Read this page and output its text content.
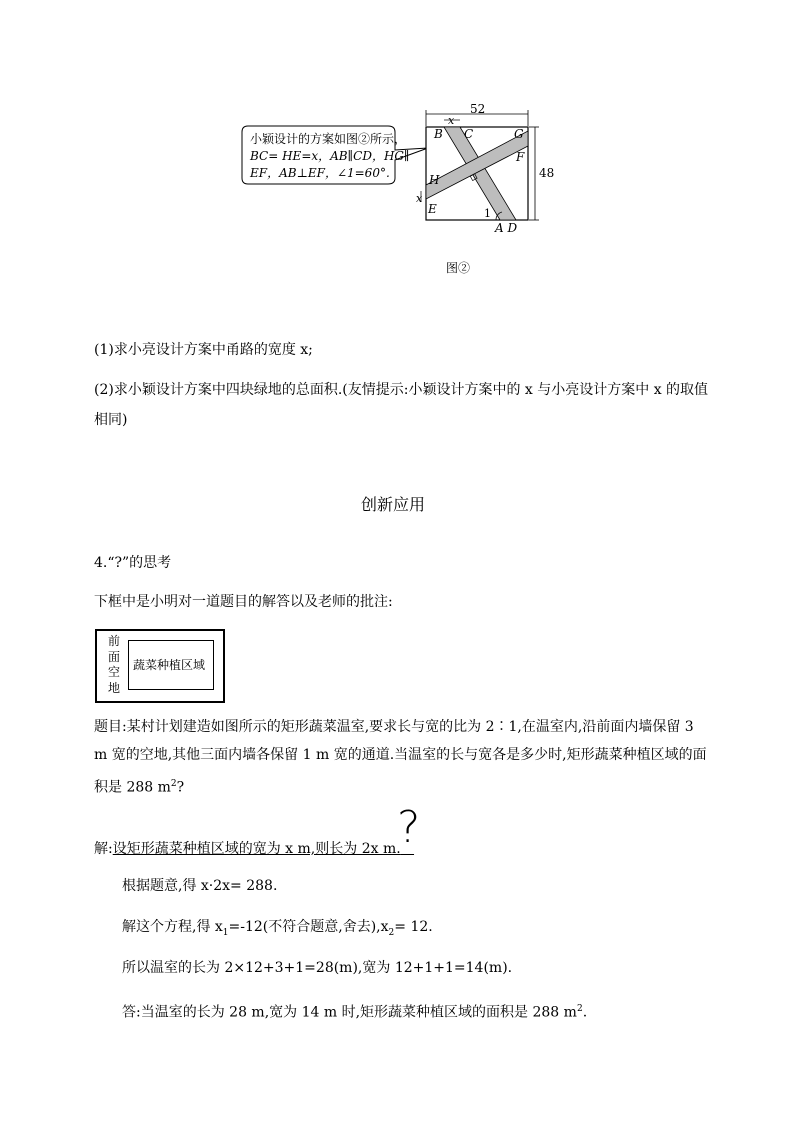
小颖设计的方案如图②所示，
BC= HE=x，AB∥CD，HG∥
EF，AB⊥EF，∠1=60°.
52
48
x
x
B C	G
F
H
E	1
A D
图②
(1)求小亮设计方案中甬路的宽度 x;
(2)求小颖设计方案中四块绿地的总面积.(友情提示:小颖设计方案中的 x 与小亮设计方案中 x 的取值
相同)
创新应用
4.“?”的思考
下框中是小明对一道题目的解答以及老师的批注:
前
面
空
地
蔬菜种植区域
题目:某村计划建造如图所示的矩形蔬菜温室,要求长与宽的比为 2∶1,在温室内,沿前面内墙保留 3
m 宽的空地,其他三面内墙各保留 1 m 宽的通道.当温室的长与宽各是多少时,矩形蔬菜种植区域的面
积是 288 $m^2$?
解:设矩形蔬菜种植区域的宽为 x m,则长为 2x m.
?
根据题意,得 x·2x= 288.
解这个方程,得 $x_1=-12$(不符合题意,舍去)$,x_2= 12$.
所以温室的长为 2×12+3+1=28(m),宽为 12+1+1=14(m).
答:当温室的长为 28 m,宽为 14 m 时,矩形蔬菜种植区域的面积是 288 $m^2$.
